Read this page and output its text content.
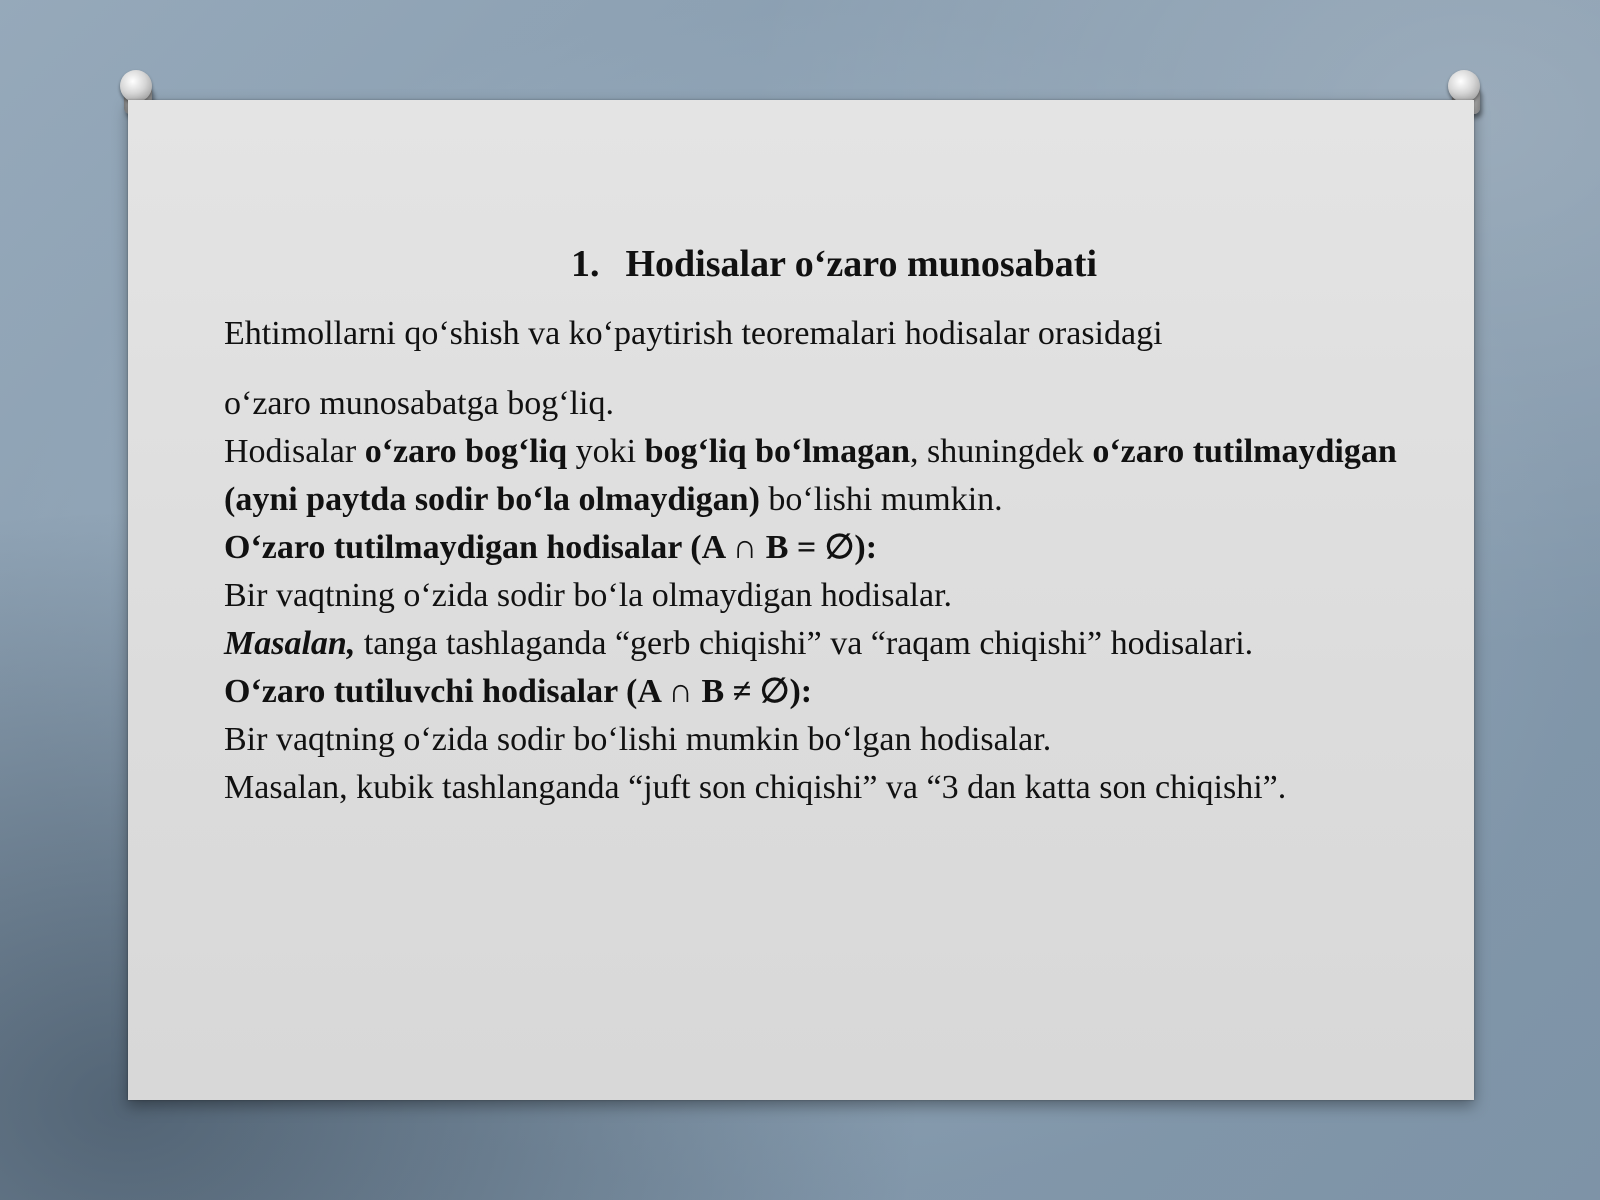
1. Hodisalar o‘zaro munosabati

Ehtimollarni qo‘shish va ko‘paytirish teoremalari hodisalar orasidagi

o‘zaro munosabatga bog‘liq.

Hodisalar o‘zaro bog‘liq yoki bog‘liq bo‘lmagan, shuningdek o‘zaro tutilmaydigan (ayni paytda sodir bo‘la olmaydigan) bo‘lishi mumkin.

O‘zaro tutilmaydigan hodisalar (A ∩ B = ∅):

Bir vaqtning o‘zida sodir bo‘la olmaydigan hodisalar.

Masalan, tanga tashlaganda “gerb chiqishi” va “raqam chiqishi” hodisalari.

O‘zaro tutiluvchi hodisalar (A ∩ B ≠ ∅):

Bir vaqtning o‘zida sodir bo‘lishi mumkin bo‘lgan hodisalar.

Masalan, kubik tashlanganda “juft son chiqishi” va “3 dan katta son chiqishi”.
